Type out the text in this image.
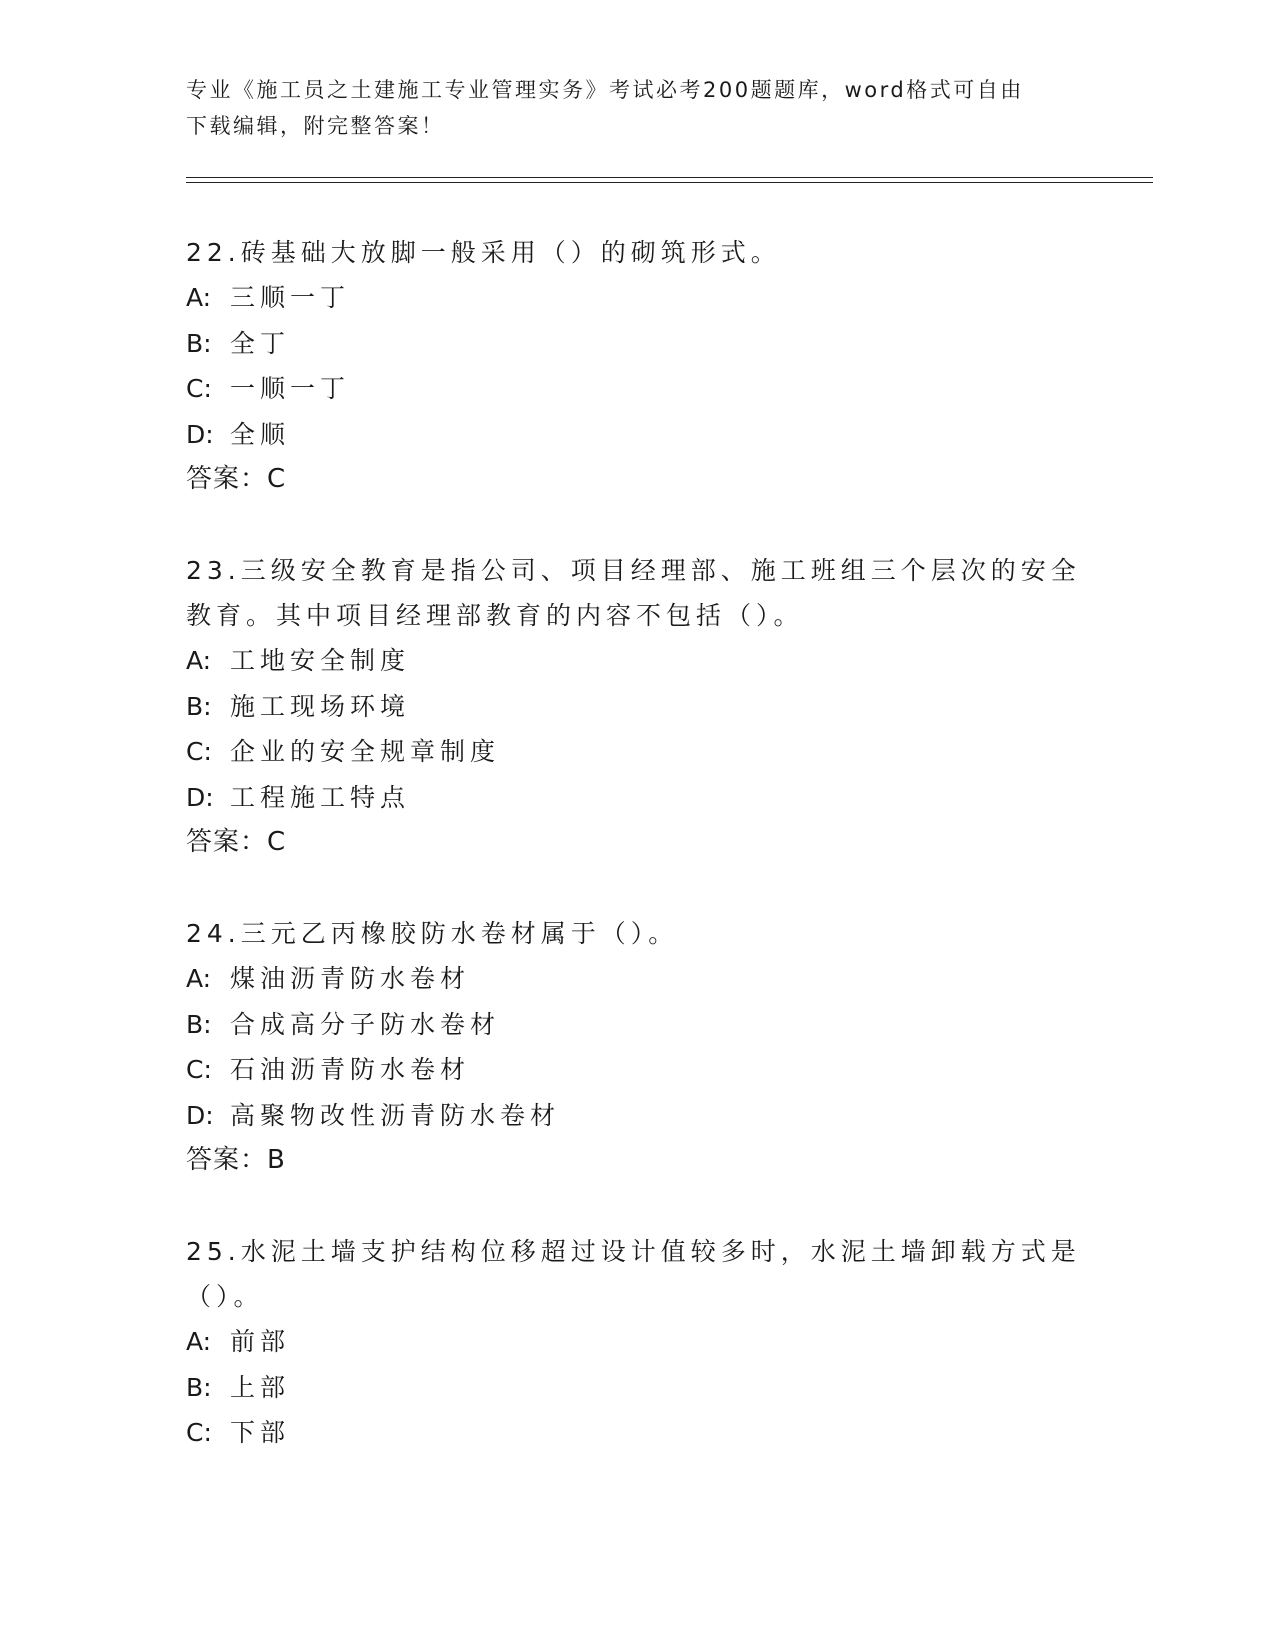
专业《施工员之土建施工专业管理实务》考试必考200题题库，word格式可自由
下载编辑，附完整答案！

22.砖基础大放脚一般采用（）的砌筑形式。

A: 三顺一丁

B: 全丁

C: 一顺一丁

D: 全顺

答案：C

23.三级安全教育是指公司、项目经理部、施工班组三个层次的安全教育。其中项目经理部教育的内容不包括（）。

A: 工地安全制度

B: 施工现场环境

C: 企业的安全规章制度

D: 工程施工特点

答案：C

24.三元乙丙橡胶防水卷材属于（）。

A: 煤油沥青防水卷材

B: 合成高分子防水卷材

C: 石油沥青防水卷材

D: 高聚物改性沥青防水卷材

答案：B

25.水泥土墙支护结构位移超过设计值较多时，水泥土墙卸载方式是（）。

A: 前部

B: 上部

C: 下部
